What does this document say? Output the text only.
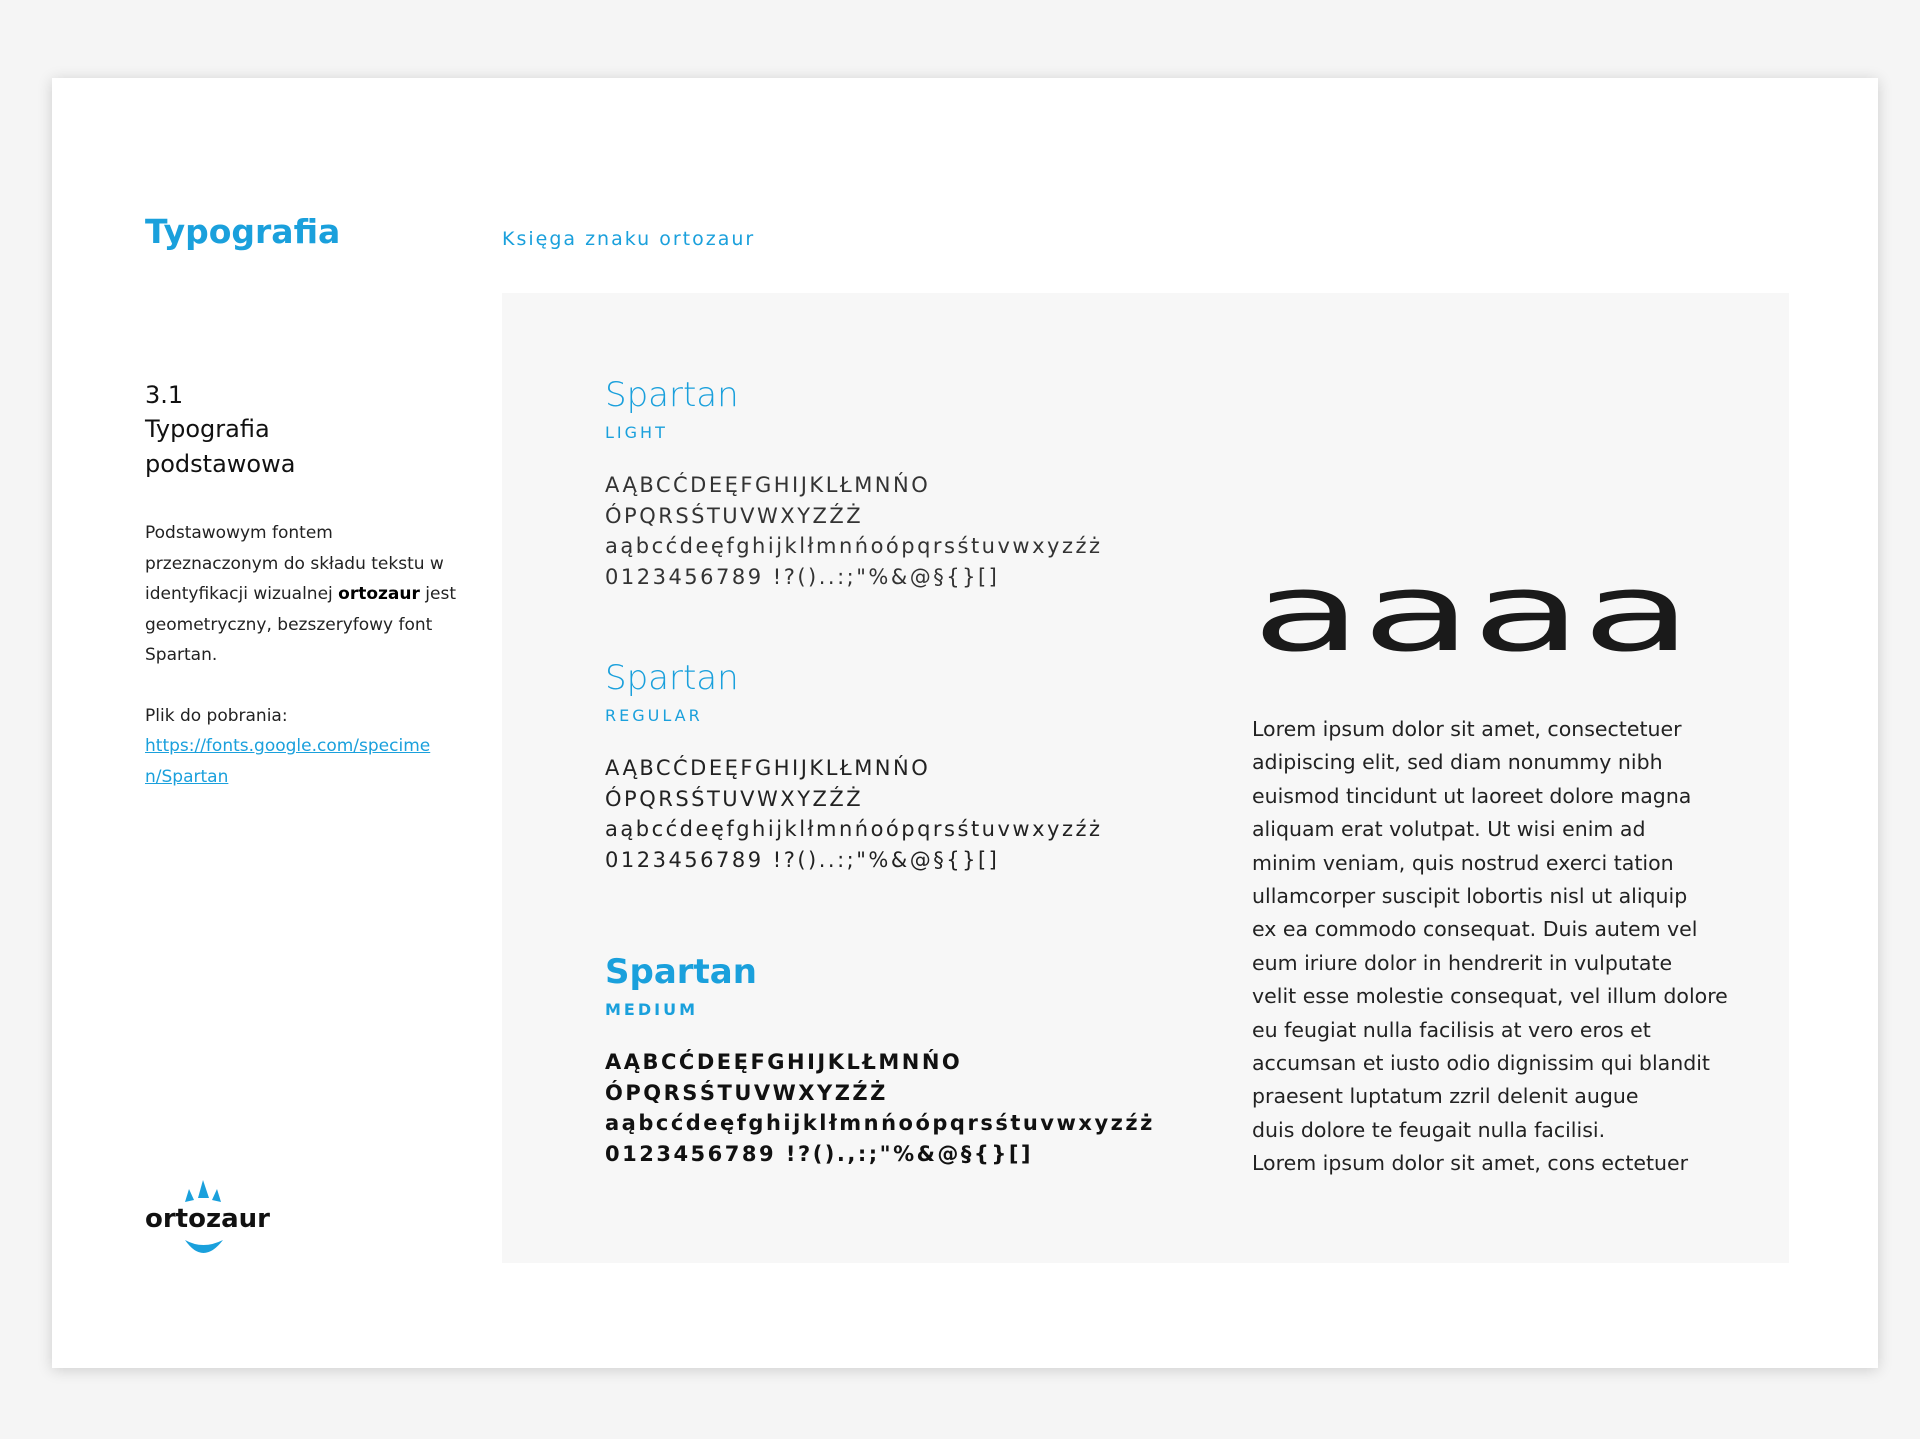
Typografia	Księga znaku ortozaur
3.1
Typografia
podstawowa
Podstawowym fontem przeznaczonym do składu tekstu w identyfikacji wizualnej ortozaur jest geometryczny, bezszeryfowy font Spartan.
Plik do pobrania:
https://fonts.google.com/specimen/Spartan
ortozaur
Spartan
LIGHT
AĄBCĆDEĘFGHIJKLŁMNŃO
ÓPQRSŚTUVWXYZŹŻ
aąbcćdeęfghijklłmnńoópqrsśtuvwxyzźż
0123456789 !?()..:;"%&@§{}[]
Spartan
REGULAR
AĄBCĆDEĘFGHIJKLŁMNŃO
ÓPQRSŚTUVWXYZŹŻ
aąbcćdeęfghijklłmnńoópqrsśtuvwxyzźż
0123456789 !?()..:;"%&@§{}[]
Spartan
MEDIUM
AĄBCĆDEĘFGHIJKLŁMNŃO
ÓPQRSŚTUVWXYZŹŻ
aąbcćdeęfghijklłmnńoópqrsśtuvwxyzźż
0123456789 !?().,:;"%&@§{}[]
aaaa
Lorem ipsum dolor sit amet, consectetuer
adipiscing elit, sed diam nonummy nibh
euismod tincidunt ut laoreet dolore magna
aliquam erat volutpat. Ut wisi enim ad
minim veniam, quis nostrud exerci tation
ullamcorper suscipit lobortis nisl ut aliquip
ex ea commodo consequat. Duis autem vel
eum iriure dolor in hendrerit in vulputate
velit esse molestie consequat, vel illum dolore
eu feugiat nulla facilisis at vero eros et
accumsan et iusto odio dignissim qui blandit
praesent luptatum zzril delenit augue
duis dolore te feugait nulla facilisi.
Lorem ipsum dolor sit amet, cons ectetuer
